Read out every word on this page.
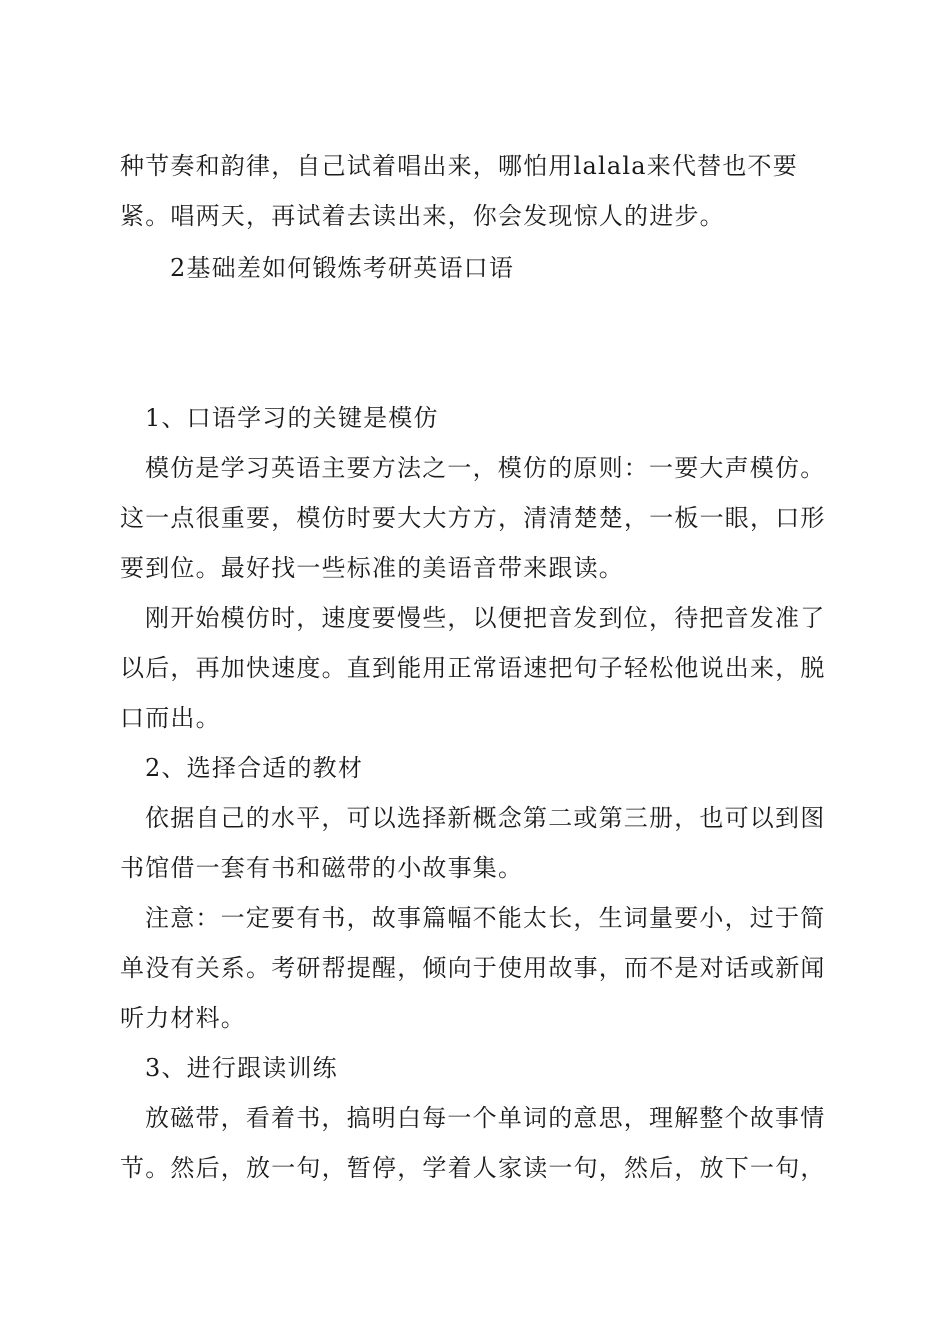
种节奏和韵律，自己试着唱出来，哪怕用lalala来代替也不要
紧。唱两天，再试着去读出来，你会发现惊人的进步。
2基础差如何锻炼考研英语口语
1、口语学习的关键是模仿
模仿是学习英语主要方法之一，模仿的原则：一要大声模仿。
这一点很重要，模仿时要大大方方，清清楚楚，一板一眼，口形
要到位。最好找一些标准的美语音带来跟读。
刚开始模仿时，速度要慢些，以便把音发到位，待把音发准了
以后，再加快速度。直到能用正常语速把句子轻松他说出来，脱
口而出。
2、选择合适的教材
依据自己的水平，可以选择新概念第二或第三册，也可以到图
书馆借一套有书和磁带的小故事集。
注意：一定要有书，故事篇幅不能太长，生词量要小，过于简
单没有关系。考研帮提醒，倾向于使用故事，而不是对话或新闻
听力材料。
3、进行跟读训练
放磁带，看着书，搞明白每一个单词的意思，理解整个故事情
节。然后，放一句，暂停，学着人家读一句，然后，放下一句，
